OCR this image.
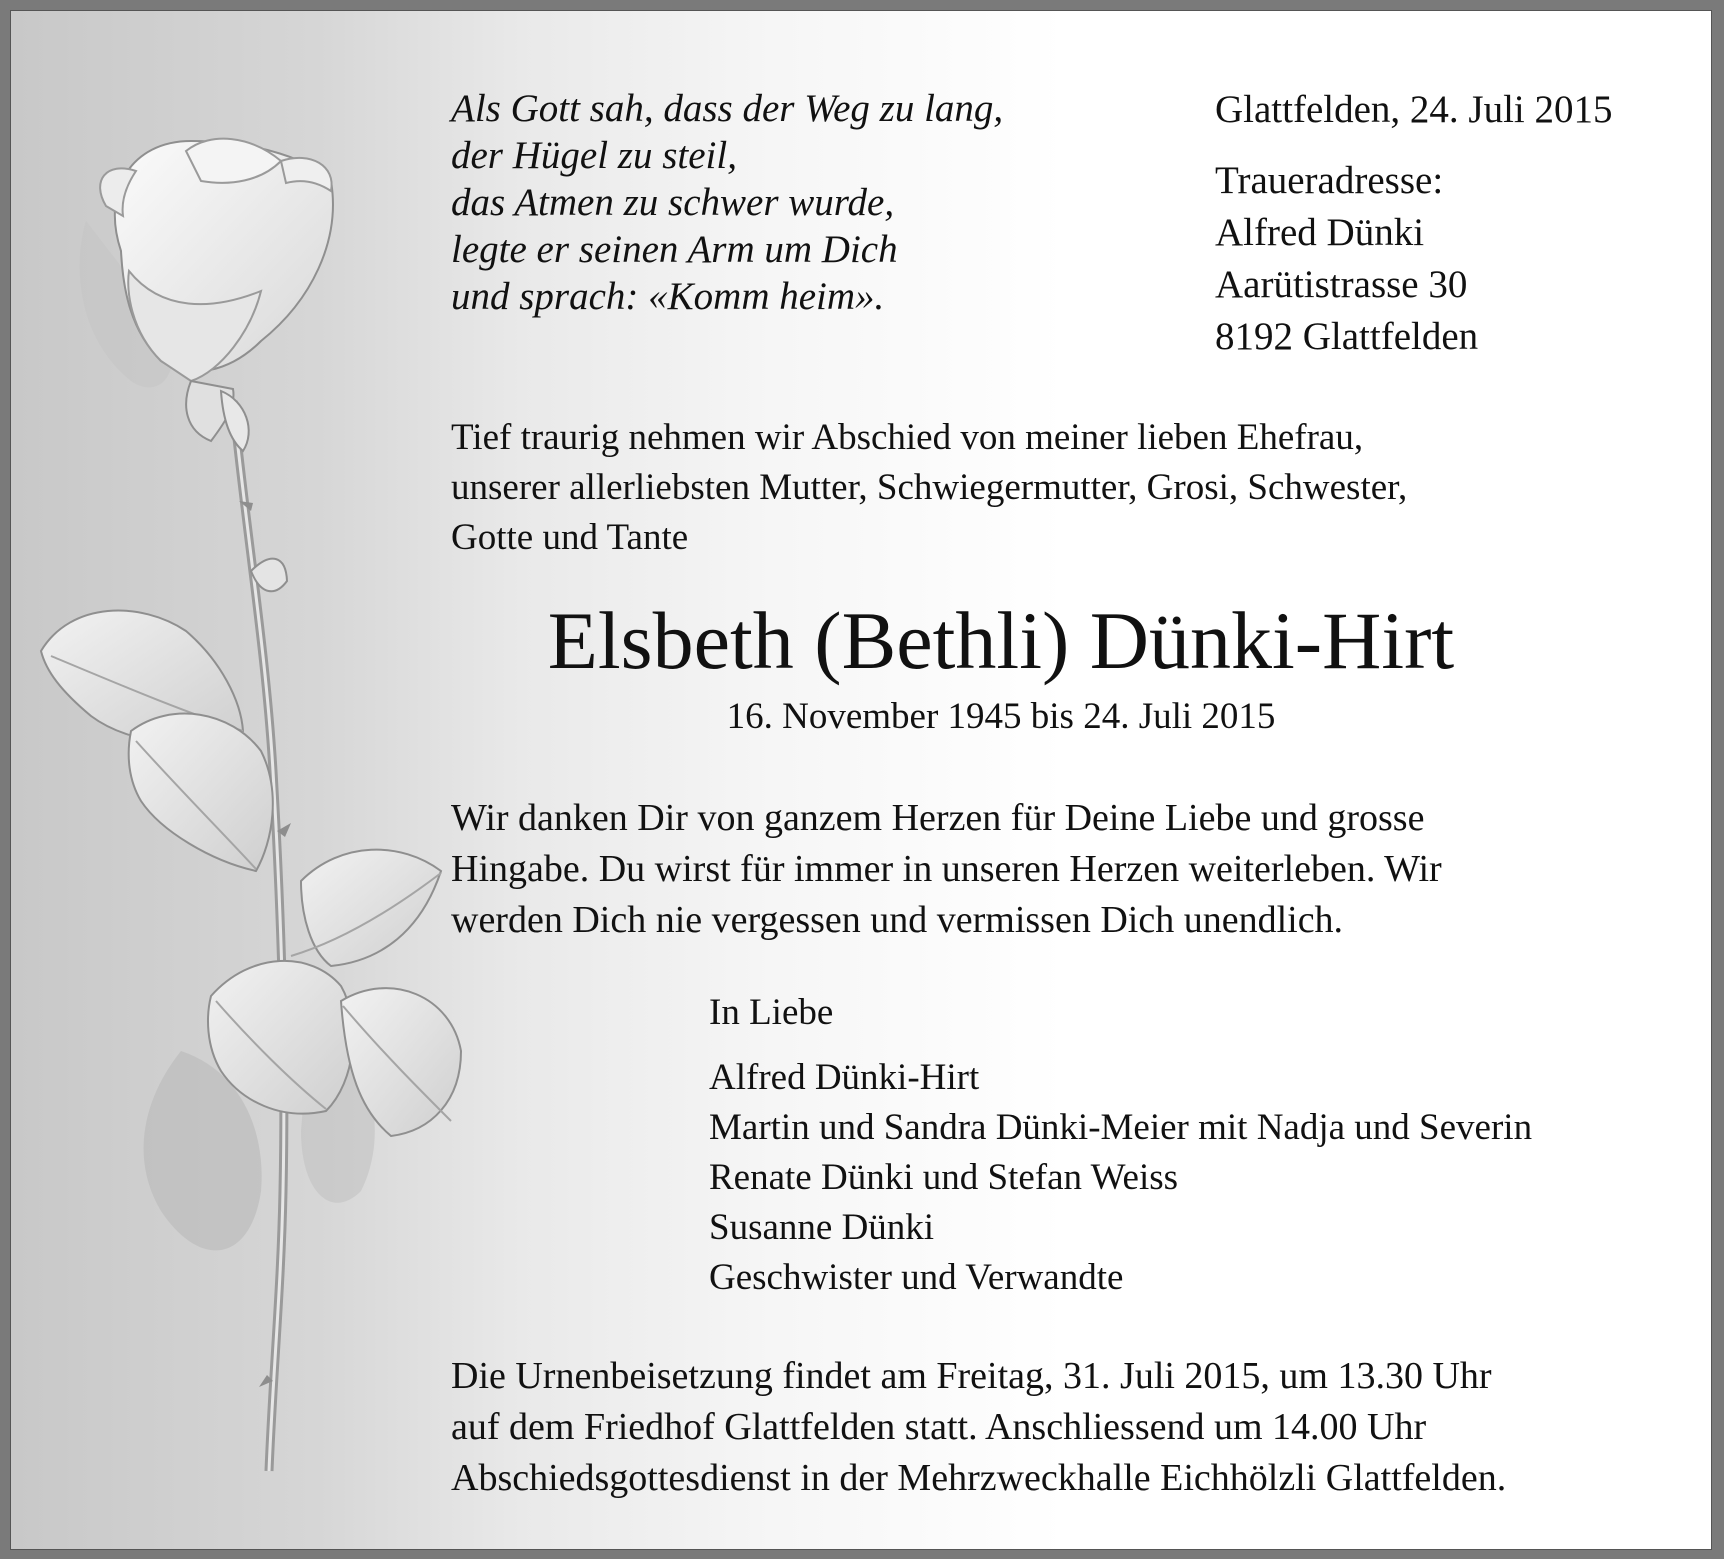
Als Gott sah, dass der Weg zu lang,
der Hügel zu steil,
das Atmen zu schwer wurde,
legte er seinen Arm um Dich
und sprach: «Komm heim».
Glattfelden, 24. Juli 2015
Traueradresse:
Alfred Dünki
Aarütistrasse 30
8192 Glattfelden
Tief traurig nehmen wir Abschied von meiner lieben Ehefrau,
unserer allerliebsten Mutter, Schwiegermutter, Grosi, Schwester,
Gotte und Tante
Elsbeth (Bethli) Dünki-Hirt
16. November 1945 bis 24. Juli 2015
Wir danken Dir von ganzem Herzen für Deine Liebe und grosse
Hingabe. Du wirst für immer in unseren Herzen weiterleben. Wir
werden Dich nie vergessen und vermissen Dich unendlich.
In Liebe
Alfred Dünki-Hirt
Martin und Sandra Dünki-Meier mit Nadja und Severin
Renate Dünki und Stefan Weiss
Susanne Dünki
Geschwister und Verwandte
Die Urnenbeisetzung findet am Freitag, 31. Juli 2015, um 13.30 Uhr
auf dem Friedhof Glattfelden statt. Anschliessend um 14.00 Uhr
Abschiedsgottesdienst in der Mehrzweckhalle Eichhölzli Glattfelden.
